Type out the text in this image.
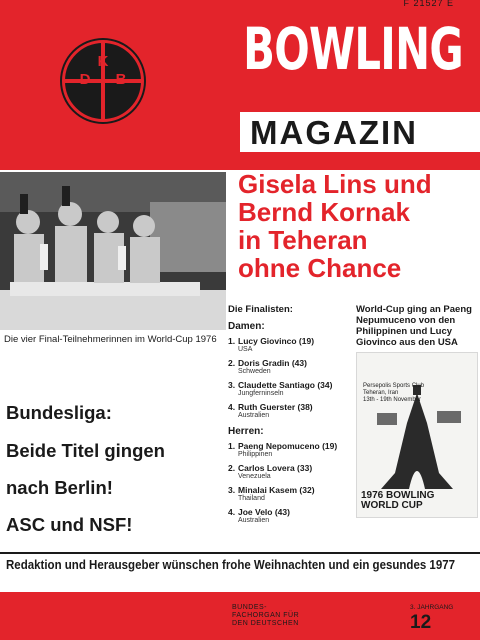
F 21527 E
D
K
B BOWLING
MAGAZIN
Die vier Final-Teilnehmerinnen im World-Cup 1976
Gisela Lins und
Bernd Kornak
in Teheran
ohne Chance
Die Finalisten:
Damen:
1. Lucy Giovinco (19)
USA
2. Doris Gradin (43)
Schweden
3. Claudette Santiago (34)
Jungferninseln
4. Ruth Guerster (38)
Australien
Herren:
1. Paeng Nepomuceno (19)
Philippinen
2. Carlos Lovera (33)
Venezuela
3. Minalai Kasem (32)
Thailand
4. Joe Velo (43)
Australien
World-Cup ging an Paeng Nepumuceno von den Philippinen und Lucy Giovinco aus den USA
Persepolis Sports Club
Teheran, Iran
13th - 19th November
1976 BOWLING
WORLD CUP
Bundesliga:
Beide Titel gingen
nach Berlin!
ASC und NSF!
Redaktion und Herausgeber wünschen frohe Weihnachten und ein gesundes 1977
BUNDES-
FACHORGAN FÜR
DEN DEUTSCHEN
3. JAHRGANG
12
